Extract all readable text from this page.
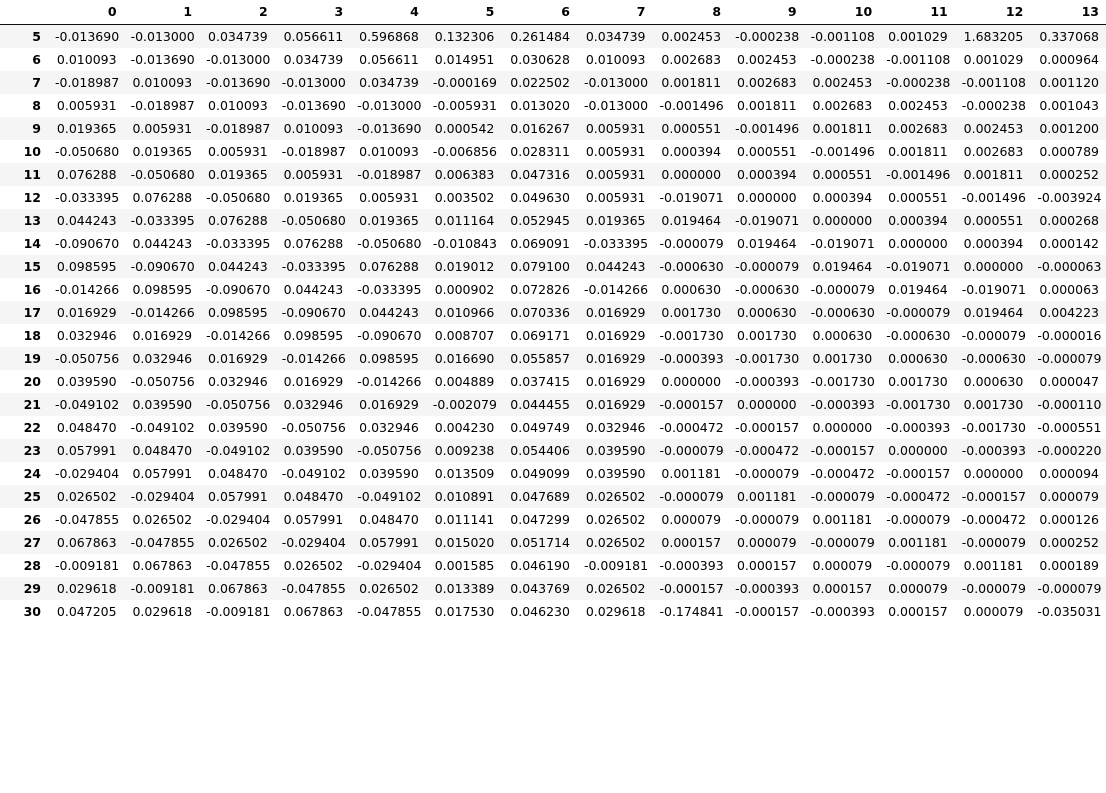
	0	1	2	3	4	5	6	7	8	9	10	11	12	13
5	-0.013690	-0.013000	0.034739	0.056611	0.596868	0.132306	0.261484	0.034739	0.002453	-0.000238	-0.001108	0.001029	1.683205	0.337068
6	0.010093	-0.013690	-0.013000	0.034739	0.056611	0.014951	0.030628	0.010093	0.002683	0.002453	-0.000238	-0.001108	0.001029	0.000964
7	-0.018987	0.010093	-0.013690	-0.013000	0.034739	-0.000169	0.022502	-0.013000	0.001811	0.002683	0.002453	-0.000238	-0.001108	0.001120
8	0.005931	-0.018987	0.010093	-0.013690	-0.013000	-0.005931	0.013020	-0.013000	-0.001496	0.001811	0.002683	0.002453	-0.000238	0.001043
9	0.019365	0.005931	-0.018987	0.010093	-0.013690	0.000542	0.016267	0.005931	0.000551	-0.001496	0.001811	0.002683	0.002453	0.001200
10	-0.050680	0.019365	0.005931	-0.018987	0.010093	-0.006856	0.028311	0.005931	0.000394	0.000551	-0.001496	0.001811	0.002683	0.000789
11	0.076288	-0.050680	0.019365	0.005931	-0.018987	0.006383	0.047316	0.005931	0.000000	0.000394	0.000551	-0.001496	0.001811	0.000252
12	-0.033395	0.076288	-0.050680	0.019365	0.005931	0.003502	0.049630	0.005931	-0.019071	0.000000	0.000394	0.000551	-0.001496	-0.003924
13	0.044243	-0.033395	0.076288	-0.050680	0.019365	0.011164	0.052945	0.019365	0.019464	-0.019071	0.000000	0.000394	0.000551	0.000268
14	-0.090670	0.044243	-0.033395	0.076288	-0.050680	-0.010843	0.069091	-0.033395	-0.000079	0.019464	-0.019071	0.000000	0.000394	0.000142
15	0.098595	-0.090670	0.044243	-0.033395	0.076288	0.019012	0.079100	0.044243	-0.000630	-0.000079	0.019464	-0.019071	0.000000	-0.000063
16	-0.014266	0.098595	-0.090670	0.044243	-0.033395	0.000902	0.072826	-0.014266	0.000630	-0.000630	-0.000079	0.019464	-0.019071	0.000063
17	0.016929	-0.014266	0.098595	-0.090670	0.044243	0.010966	0.070336	0.016929	0.001730	0.000630	-0.000630	-0.000079	0.019464	0.004223
18	0.032946	0.016929	-0.014266	0.098595	-0.090670	0.008707	0.069171	0.016929	-0.001730	0.001730	0.000630	-0.000630	-0.000079	-0.000016
19	-0.050756	0.032946	0.016929	-0.014266	0.098595	0.016690	0.055857	0.016929	-0.000393	-0.001730	0.001730	0.000630	-0.000630	-0.000079
20	0.039590	-0.050756	0.032946	0.016929	-0.014266	0.004889	0.037415	0.016929	0.000000	-0.000393	-0.001730	0.001730	0.000630	0.000047
21	-0.049102	0.039590	-0.050756	0.032946	0.016929	-0.002079	0.044455	0.016929	-0.000157	0.000000	-0.000393	-0.001730	0.001730	-0.000110
22	0.048470	-0.049102	0.039590	-0.050756	0.032946	0.004230	0.049749	0.032946	-0.000472	-0.000157	0.000000	-0.000393	-0.001730	-0.000551
23	0.057991	0.048470	-0.049102	0.039590	-0.050756	0.009238	0.054406	0.039590	-0.000079	-0.000472	-0.000157	0.000000	-0.000393	-0.000220
24	-0.029404	0.057991	0.048470	-0.049102	0.039590	0.013509	0.049099	0.039590	0.001181	-0.000079	-0.000472	-0.000157	0.000000	0.000094
25	0.026502	-0.029404	0.057991	0.048470	-0.049102	0.010891	0.047689	0.026502	-0.000079	0.001181	-0.000079	-0.000472	-0.000157	0.000079
26	-0.047855	0.026502	-0.029404	0.057991	0.048470	0.011141	0.047299	0.026502	0.000079	-0.000079	0.001181	-0.000079	-0.000472	0.000126
27	0.067863	-0.047855	0.026502	-0.029404	0.057991	0.015020	0.051714	0.026502	0.000157	0.000079	-0.000079	0.001181	-0.000079	0.000252
28	-0.009181	0.067863	-0.047855	0.026502	-0.029404	0.001585	0.046190	-0.009181	-0.000393	0.000157	0.000079	-0.000079	0.001181	0.000189
29	0.029618	-0.009181	0.067863	-0.047855	0.026502	0.013389	0.043769	0.026502	-0.000157	-0.000393	0.000157	0.000079	-0.000079	-0.000079
30	0.047205	0.029618	-0.009181	0.067863	-0.047855	0.017530	0.046230	0.029618	-0.174841	-0.000157	-0.000393	0.000157	0.000079	-0.035031
